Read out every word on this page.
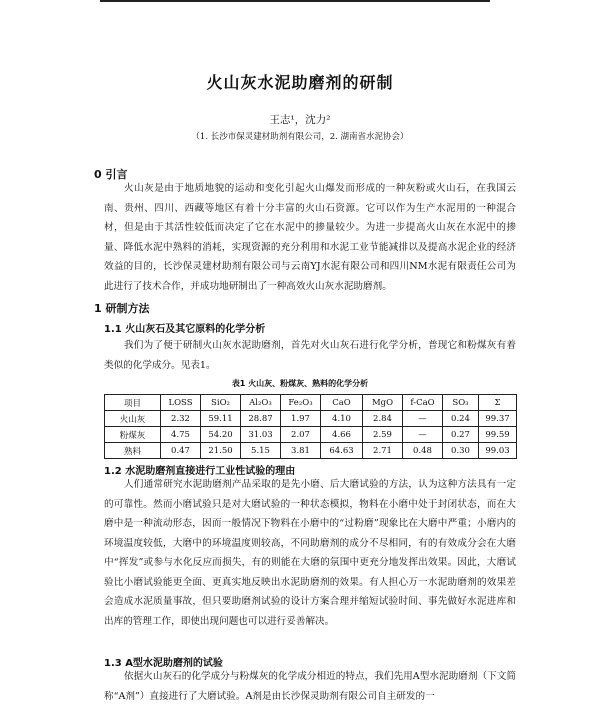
火山灰水泥助磨剂的研制
王志¹，沈力²
（1. 长沙市保灵建材助剂有限公司，2. 湖南省水泥协会）
0 引言
火山灰是由于地质地貌的运动和变化引起火山爆发而形成的一种灰粉或火山石，在我国云南、贵州、四川、西藏等地区有着十分丰富的火山石资源。它可以作为生产水泥用的一种混合材，但是由于其活性较低而决定了它在水泥中的掺量较少。为进一步提高火山灰在水泥中的掺量、降低水泥中熟料的消耗，实现资源的充分利用和水泥工业节能减排以及提高水泥企业的经济效益的目的，长沙保灵建材助剂有限公司与云南YJ水泥有限公司和四川NM水泥有限责任公司为此进行了技术合作，并成功地研制出了一种高效火山灰水泥助磨剂。
1 研制方法
1.1 火山灰石及其它原料的化学分析
我们为了便于研制火山灰水泥助磨剂，首先对火山灰石进行化学分析，普现它和粉煤灰有着类似的化学成分。见表1。
表1 火山灰、粉煤灰、熟料的化学分析
项目	LOSS	SiO₂	Al₂O₃	Fe₂O₃	CaO	MgO	f-CaO	SO₃	Σ
火山灰	2.32	59.11	28.87	1.97	4.10	2.84	—	0.24	99.37
粉煤灰	4.75	54.20	31.03	2.07	4.66	2.59	—	0.27	99.59
熟料	0.47	21.50	5.15	3.81	64.63	2.71	0.48	0.30	99.03
1.2 水泥助磨剂直接进行工业性试验的理由
人们通常研究水泥助磨剂产品采取的是先小磨、后大磨试验的方法，认为这种方法具有一定的可靠性。然而小磨试验只是对大磨试验的一种状态模拟，物料在小磨中处于封闭状态，而在大磨中是一种流动形态，因而一般情况下物料在小磨中的“过粉磨”现象比在大磨中严重；小磨内的环境温度较低，大磨中的环境温度则较高，不同助磨剂的成分不尽相同，有的有效成分会在大磨中“挥发”或参与水化反应而损失，有的则能在大磨的氛围中更充分地发挥出效果。因此，大磨试验比小磨试验能更全面、更真实地反映出水泥助磨剂的效果。有人担心万一水泥助磨剂的效果差会造成水泥质量事故，但只要助磨剂试验的设计方案合理并缩短试验时间、事先做好水泥进库和出库的管理工作，即使出现问题也可以进行妥善解决。
1.3 A型水泥助磨剂的试验
依据火山灰石的化学成分与粉煤灰的化学成分相近的特点，我们先用A型水泥助磨剂（下文简称“A剂”）直接进行了大磨试验。A剂是由长沙保灵助剂有限公司自主研发的一
